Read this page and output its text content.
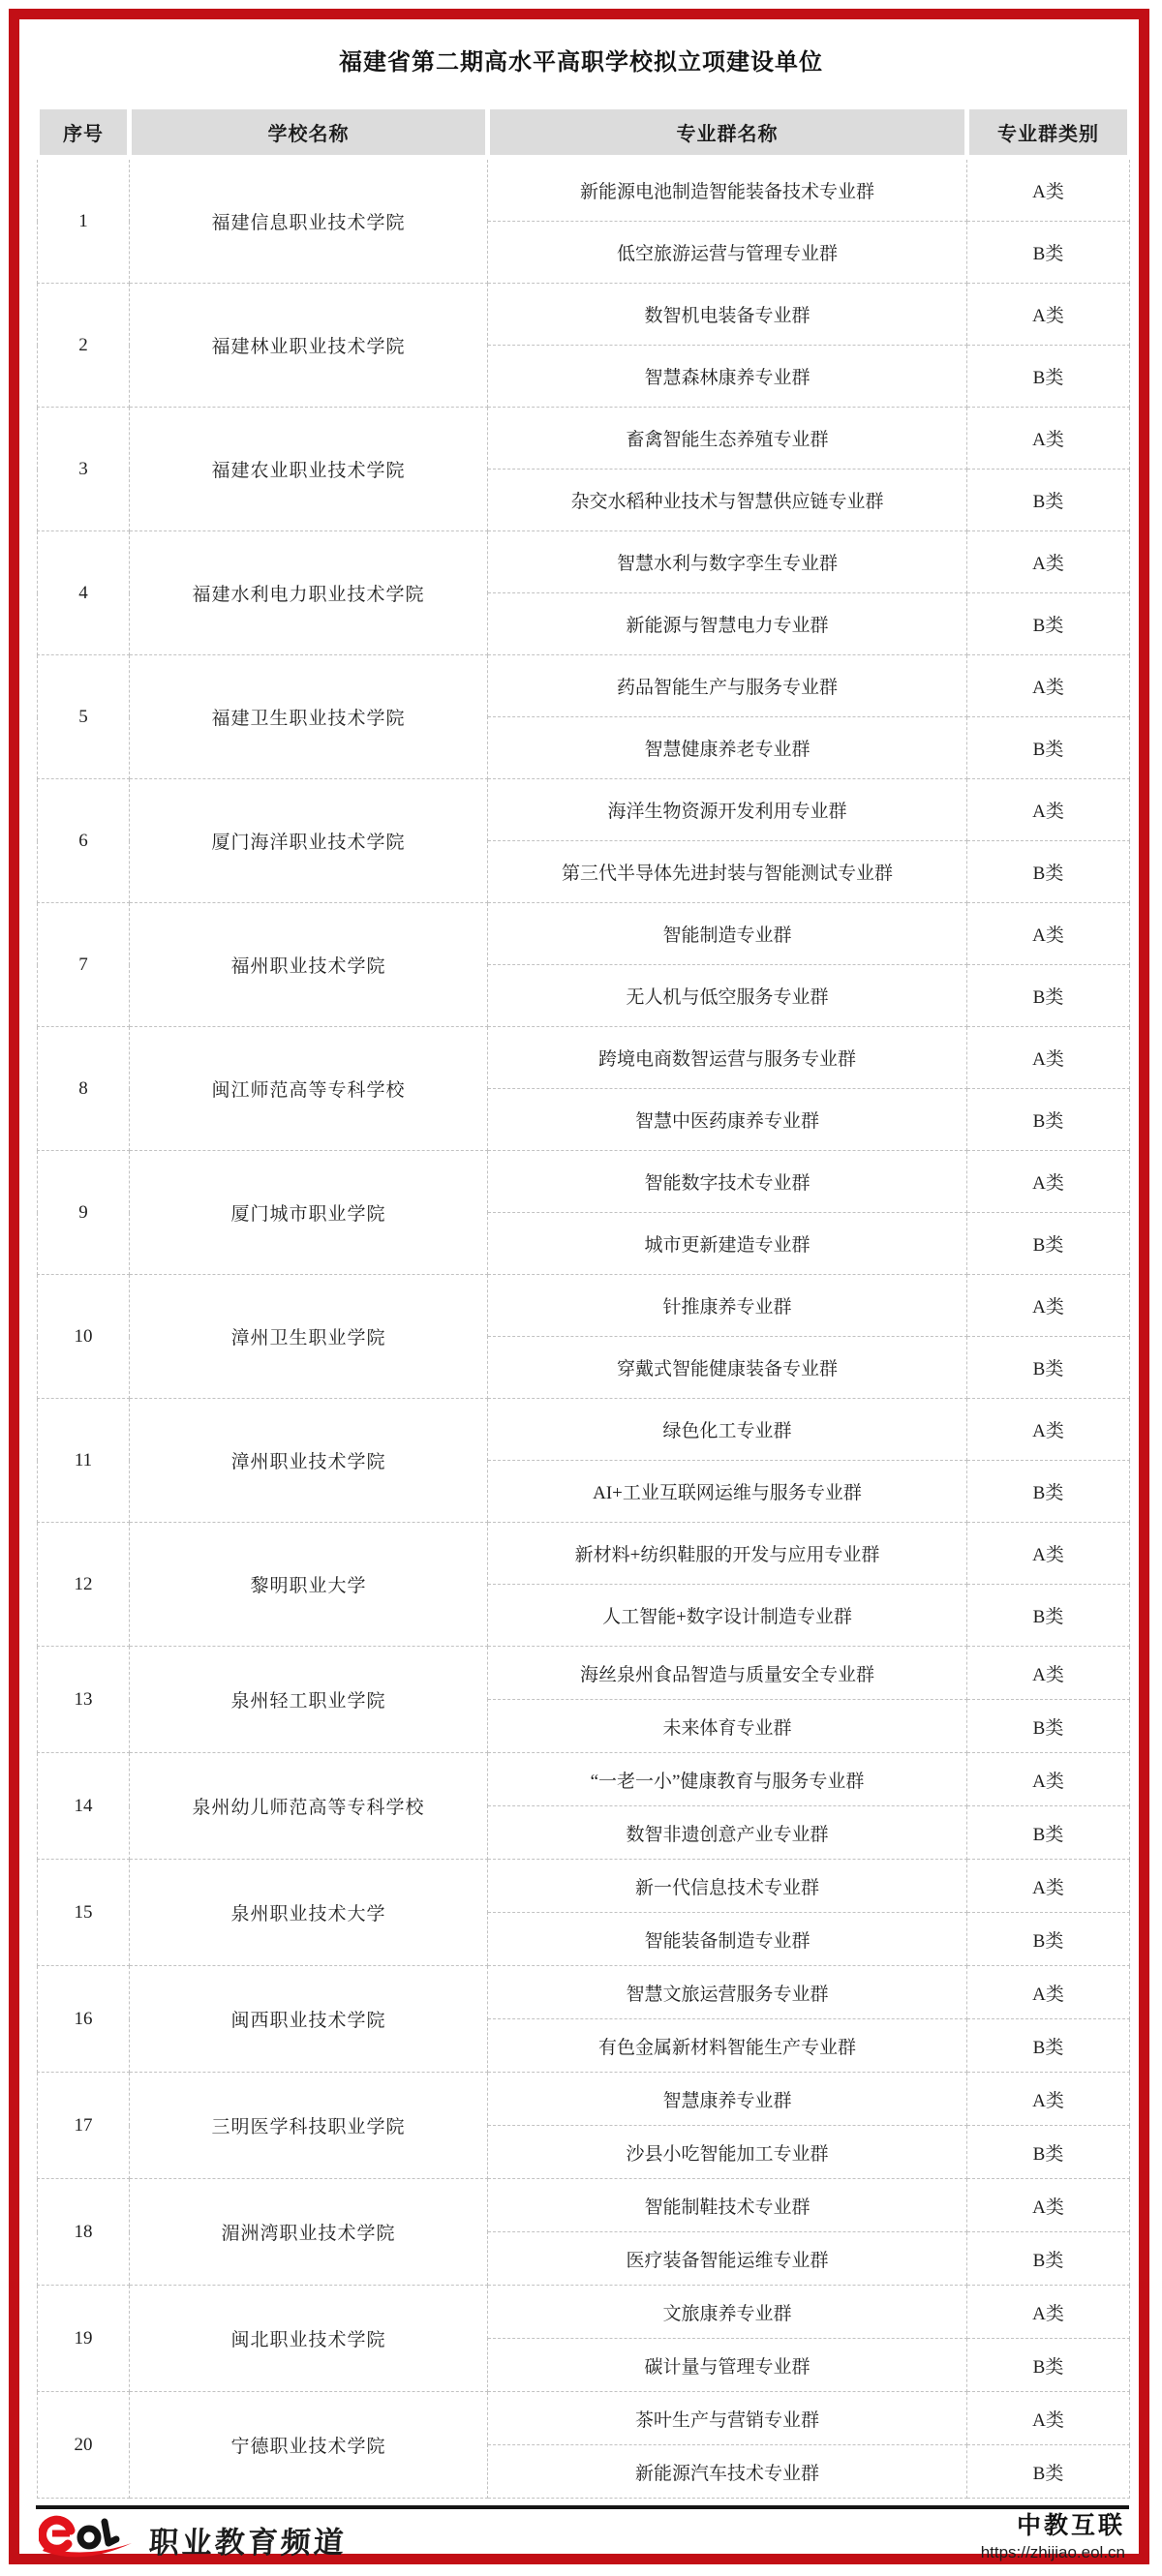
福建省第二期高水平高职学校拟立项建设单位
序号	学校名称	专业群名称	专业群类别
1	福建信息职业技术学院	新能源电池制造智能装备技术专业群	A类
		低空旅游运营与管理专业群	B类
2	福建林业职业技术学院	数智机电装备专业群	A类
		智慧森林康养专业群	B类
3	福建农业职业技术学院	畜禽智能生态养殖专业群	A类
		杂交水稻种业技术与智慧供应链专业群	B类
4	福建水利电力职业技术学院	智慧水利与数字孪生专业群	A类
		新能源与智慧电力专业群	B类
5	福建卫生职业技术学院	药品智能生产与服务专业群	A类
		智慧健康养老专业群	B类
6	厦门海洋职业技术学院	海洋生物资源开发利用专业群	A类
		第三代半导体先进封装与智能测试专业群	B类
7	福州职业技术学院	智能制造专业群	A类
		无人机与低空服务专业群	B类
8	闽江师范高等专科学校	跨境电商数智运营与服务专业群	A类
		智慧中医药康养专业群	B类
9	厦门城市职业学院	智能数字技术专业群	A类
		城市更新建造专业群	B类
10	漳州卫生职业学院	针推康养专业群	A类
		穿戴式智能健康装备专业群	B类
11	漳州职业技术学院	绿色化工专业群	A类
		AI+工业互联网运维与服务专业群	B类
12	黎明职业大学	新材料+纺织鞋服的开发与应用专业群	A类
		人工智能+数字设计制造专业群	B类
13	泉州轻工职业学院	海丝泉州食品智造与质量安全专业群	A类
		未来体育专业群	B类
14	泉州幼儿师范高等专科学校	“一老一小”健康教育与服务专业群	A类
		数智非遗创意产业专业群	B类
15	泉州职业技术大学	新一代信息技术专业群	A类
		智能装备制造专业群	B类
16	闽西职业技术学院	智慧文旅运营服务专业群	A类
		有色金属新材料智能生产专业群	B类
17	三明医学科技职业学院	智慧康养专业群	A类
		沙县小吃智能加工专业群	B类
18	湄洲湾职业技术学院	智能制鞋技术专业群	A类
		医疗装备智能运维专业群	B类
19	闽北职业技术学院	文旅康养专业群	A类
		碳计量与管理专业群	B类
20	宁德职业技术学院	茶叶生产与营销专业群	A类
		新能源汽车技术专业群	B类
职业教育频道	中教互联
https://zhijiao.eol.cn
